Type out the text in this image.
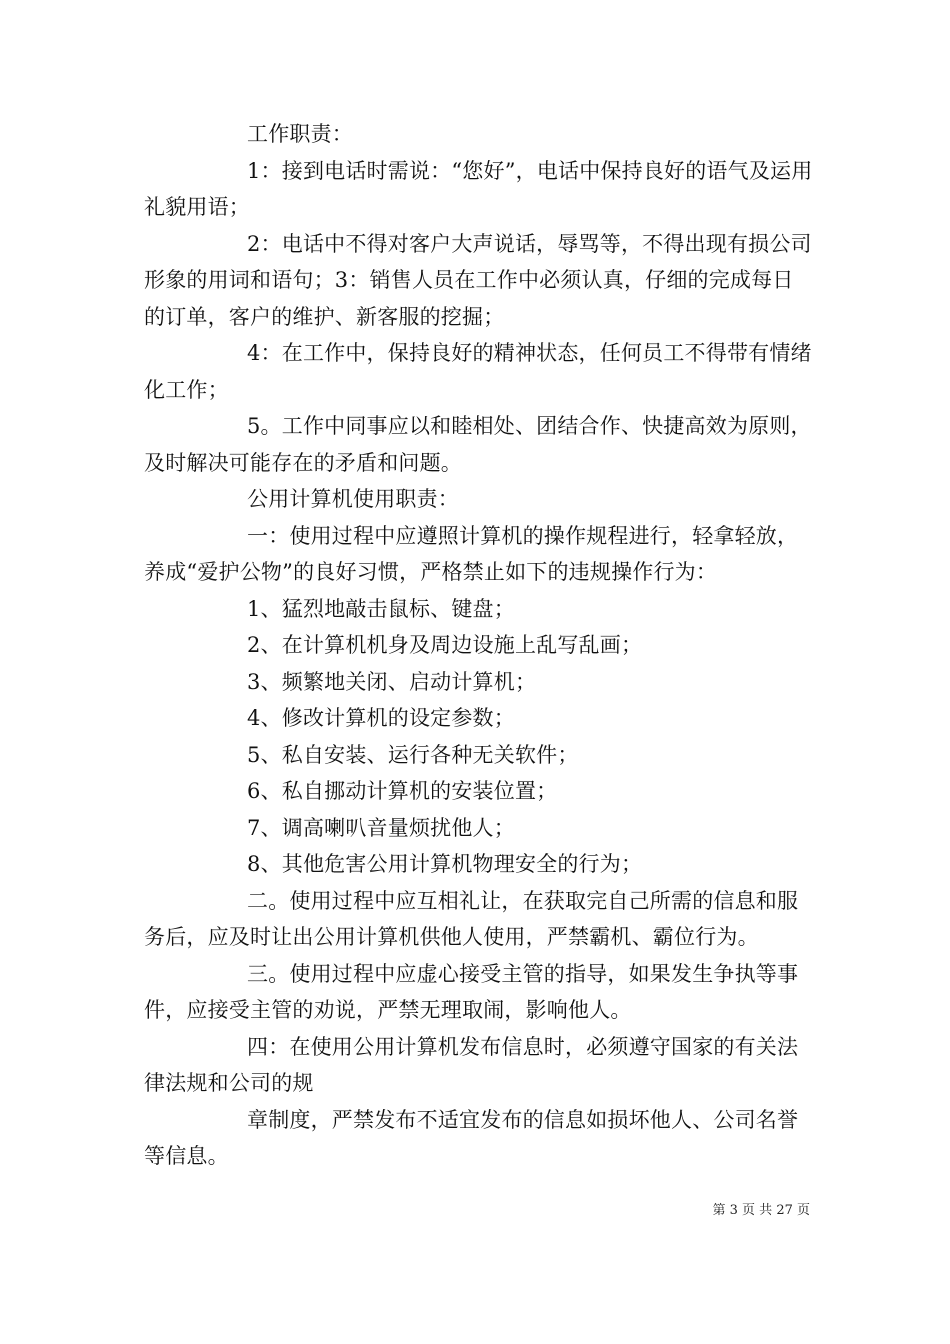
工作职责：

1：接到电话时需说：“您好”，电话中保持良好的语气及运用礼貌用语；

2：电话中不得对客户大声说话，辱骂等，不得出现有损公司形象的用词和语句；3：销售人员在工作中必须认真，仔细的完成每日的订单，客户的维护、新客服的挖掘；

4：在工作中，保持良好的精神状态，任何员工不得带有情绪化工作；

5。工作中同事应以和睦相处、团结合作、快捷高效为原则，及时解决可能存在的矛盾和问题。

公用计算机使用职责：

一：使用过程中应遵照计算机的操作规程进行，轻拿轻放，养成“爱护公物”的良好习惯，严格禁止如下的违规操作行为：

1、猛烈地敲击鼠标、键盘；

2、在计算机机身及周边设施上乱写乱画；

3、频繁地关闭、启动计算机；

4、修改计算机的设定参数；

5、私自安装、运行各种无关软件；

6、私自挪动计算机的安装位置；

7、调高喇叭音量烦扰他人；

8、其他危害公用计算机物理安全的行为；

二。使用过程中应互相礼让，在获取完自己所需的信息和服务后，应及时让出公用计算机供他人使用，严禁霸机、霸位行为。

三。使用过程中应虚心接受主管的指导，如果发生争执等事件，应接受主管的劝说，严禁无理取闹，影响他人。

四：在使用公用计算机发布信息时，必须遵守国家的有关法律法规和公司的规

章制度，严禁发布不适宜发布的信息如损坏他人、公司名誉等信息。

第 3 页 共 27 页
